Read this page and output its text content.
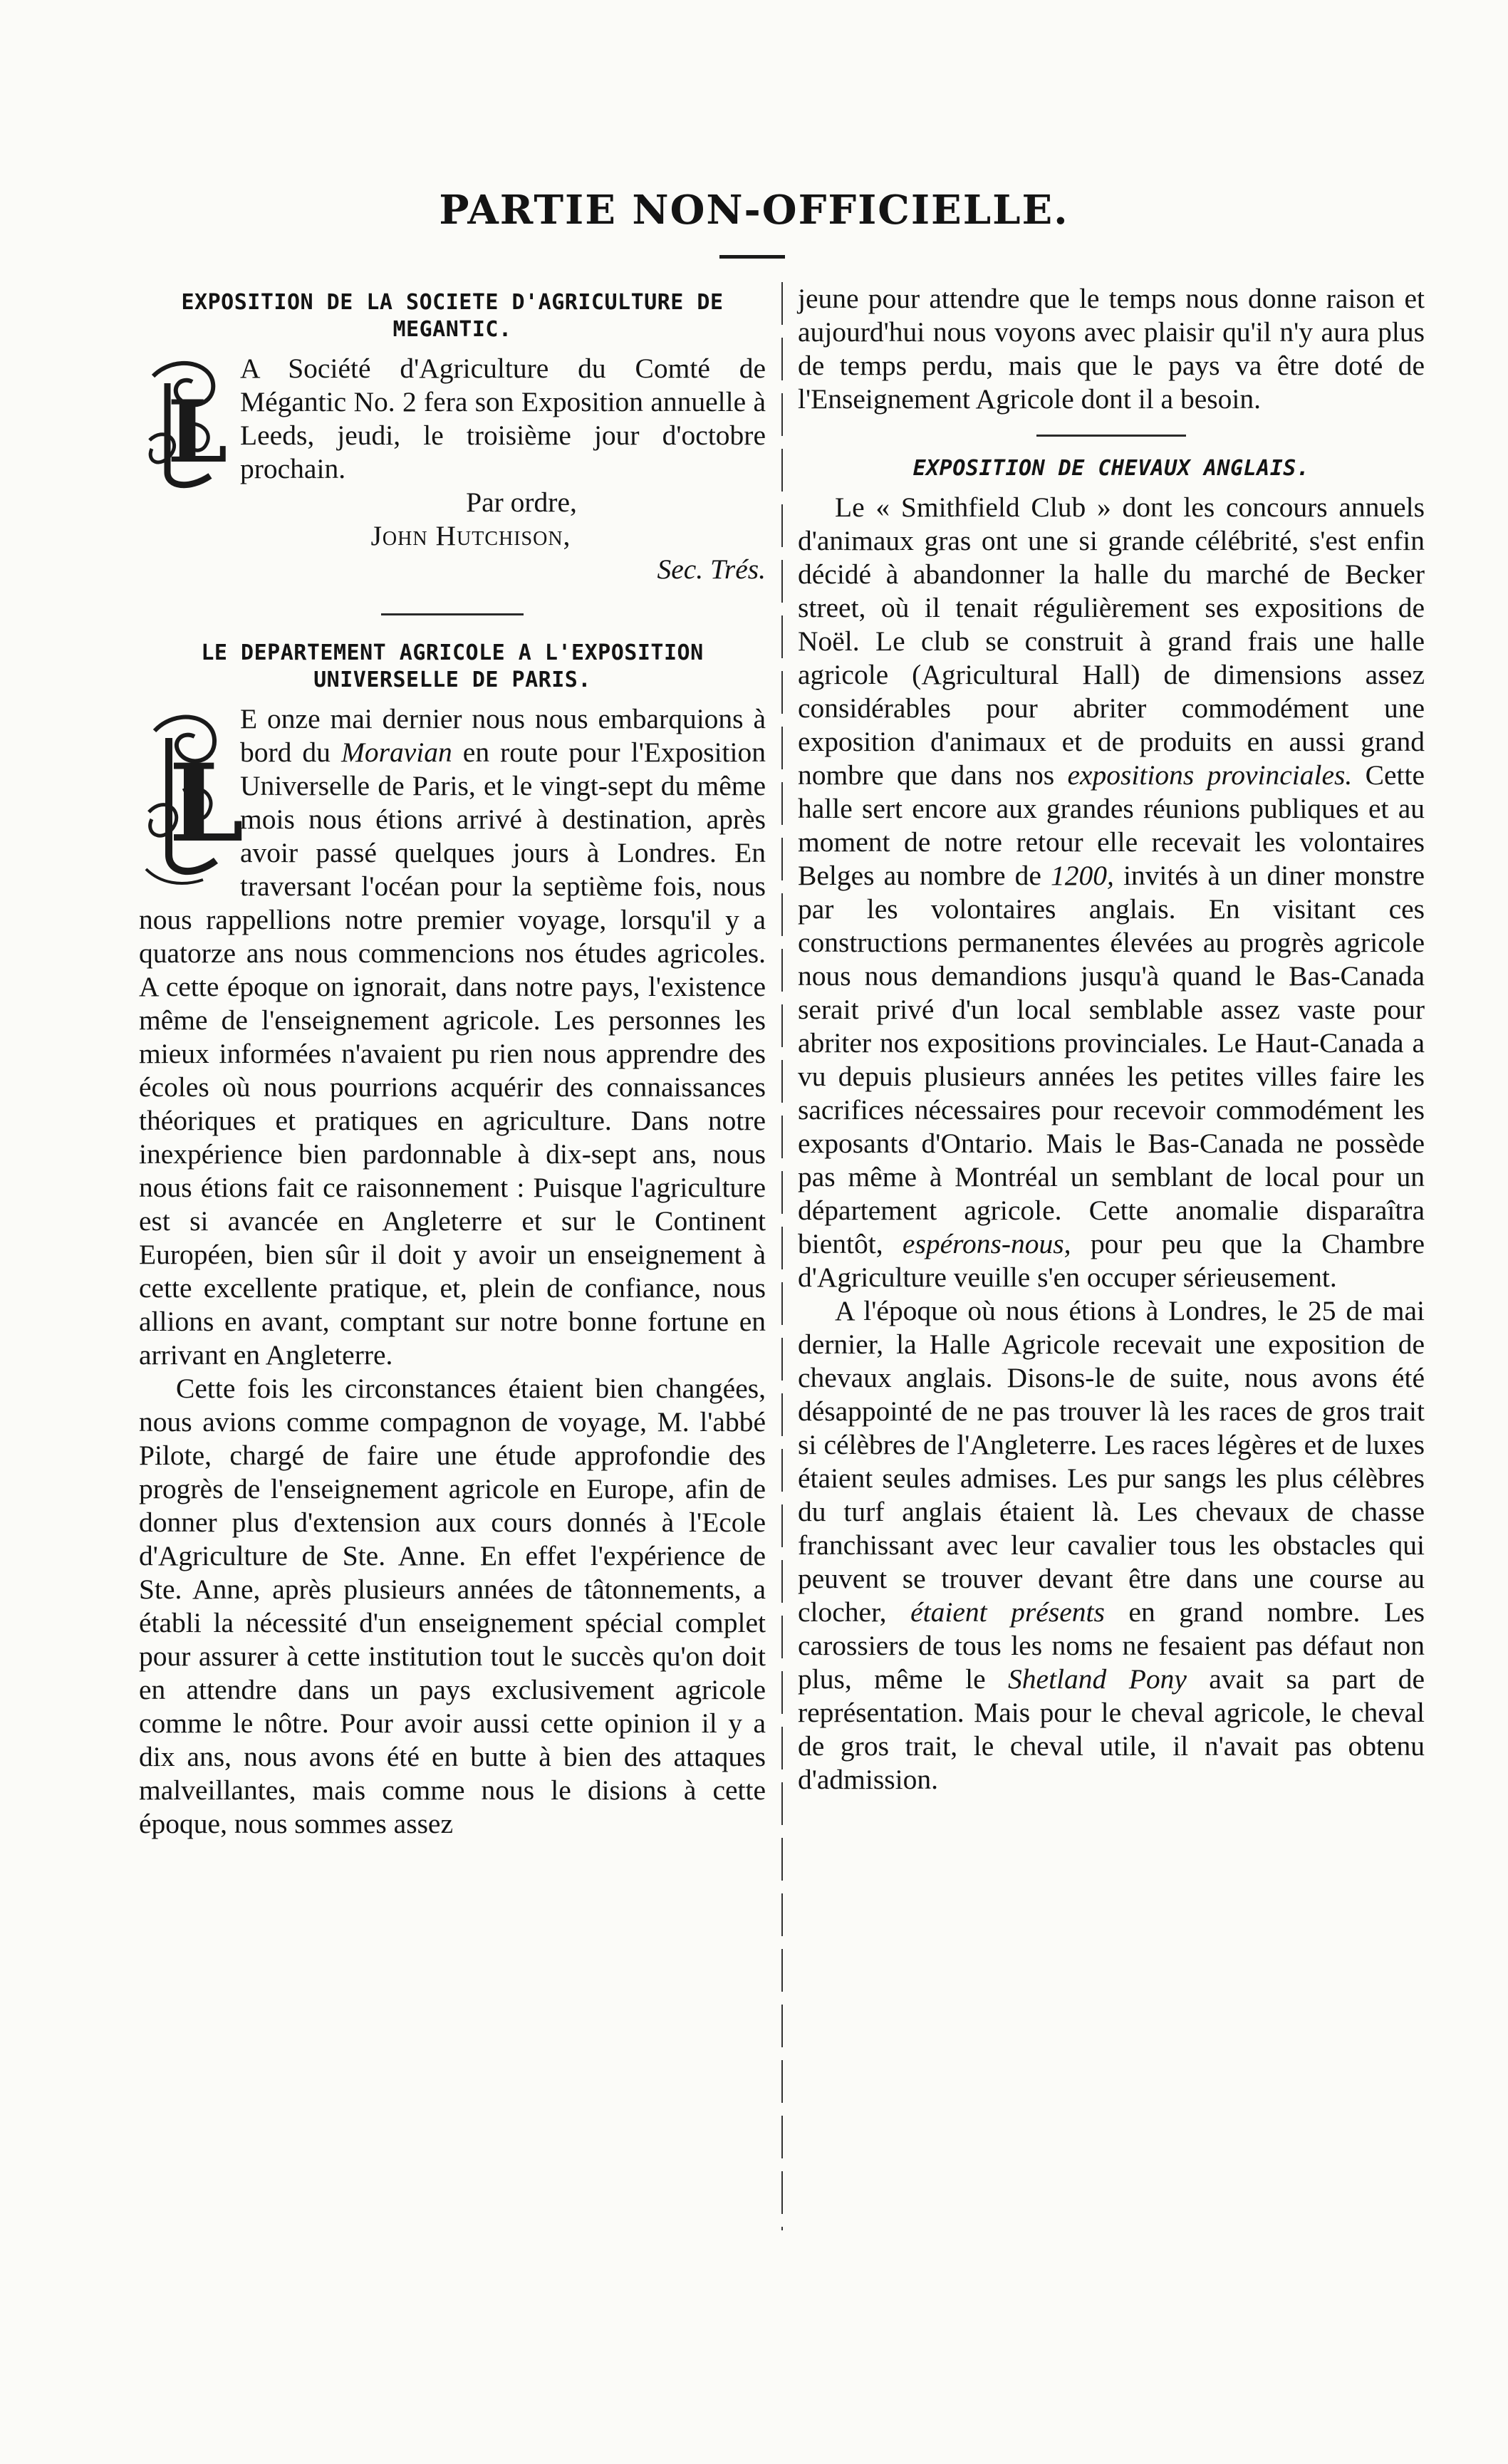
PARTIE NON-OFFICIELLE.
EXPOSITION DE LA SOCIETE D'AGRICULTURE DE MEGANTIC.

L
A Société d'Agriculture du Comté de Mégantic No. 2 fera son Exposition annuelle à Leeds, jeudi, le troisième jour d'octobre prochain.

Par ordre,

John Hutchison,

Sec. Trés.

LE DEPARTEMENT AGRICOLE A L'EXPOSITION UNIVERSELLE DE PARIS.

L
E onze mai dernier nous nous embarquions à bord du Moravian en route pour l'Exposition Universelle de Paris, et le vingt-sept du même mois nous étions arrivé à destination, après avoir passé quelques jours à Londres. En traversant l'océan pour la septième fois, nous nous rappellions notre premier voyage, lorsqu'il y a quatorze ans nous commencions nos études agricoles. A cette époque on ignorait, dans notre pays, l'existence même de l'enseignement agricole. Les personnes les mieux informées n'avaient pu rien nous apprendre des écoles où nous pourrions acquérir des connaissances théoriques et pratiques en agriculture. Dans notre inexpérience bien pardonnable à dix-sept ans, nous nous étions fait ce raisonnement : Puisque l'agriculture est si avancée en Angleterre et sur le Continent Européen, bien sûr il doit y avoir un enseignement à cette excellente pratique, et, plein de confiance, nous allions en avant, comptant sur notre bonne fortune en arrivant en Angleterre.

Cette fois les circonstances étaient bien changées, nous avions comme compagnon de voyage, M. l'abbé Pilote, chargé de faire une étude approfondie des progrès de l'enseignement agricole en Europe, afin de donner plus d'extension aux cours donnés à l'Ecole d'Agriculture de Ste. Anne. En effet l'expérience de Ste. Anne, après plusieurs années de tâtonnements, a établi la nécessité d'un enseignement spécial complet pour assurer à cette institution tout le succès qu'on doit en attendre dans un pays exclusivement agricole comme le nôtre. Pour avoir aussi cette opinion il y a dix ans, nous avons été en butte à bien des attaques malveillantes, mais comme nous le disions à cette époque, nous sommes assez

jeune pour attendre que le temps nous donne raison et aujourd'hui nous voyons avec plaisir qu'il n'y aura plus de temps perdu, mais que le pays va être doté de l'Enseignement Agricole dont il a besoin.

EXPOSITION DE CHEVAUX ANGLAIS.

Le « Smithfield Club » dont les concours annuels d'animaux gras ont une si grande célébrité, s'est enfin décidé à abandonner la halle du marché de Becker street, où il tenait régulièrement ses expositions de Noël. Le club se construit à grand frais une halle agricole (Agricultural Hall) de dimensions assez considérables pour abriter commodément une exposition d'animaux et de produits en aussi grand nombre que dans nos expositions provinciales. Cette halle sert encore aux grandes réunions publiques et au moment de notre retour elle recevait les volontaires Belges au nombre de 1200, invités à un diner monstre par les volontaires anglais. En visitant ces constructions permanentes élevées au progrès agricole nous nous demandions jusqu'à quand le Bas-Canada serait privé d'un local semblable assez vaste pour abriter nos expositions provinciales. Le Haut-Canada a vu depuis plusieurs années les petites villes faire les sacrifices nécessaires pour recevoir commodément les exposants d'Ontario. Mais le Bas-Canada ne possède pas même à Montréal un semblant de local pour un département agricole. Cette anomalie disparaîtra bientôt, espérons-nous, pour peu que la Chambre d'Agriculture veuille s'en occuper sérieusement.

A l'époque où nous étions à Londres, le 25 de mai dernier, la Halle Agricole recevait une exposition de chevaux anglais. Disons-le de suite, nous avons été désappointé de ne pas trouver là les races de gros trait si célèbres de l'Angleterre. Les races légères et de luxes étaient seules admises. Les pur sangs les plus célèbres du turf anglais étaient là. Les chevaux de chasse franchissant avec leur cavalier tous les obstacles qui peuvent se trouver devant être dans une course au clocher, étaient présents en grand nombre. Les carossiers de tous les noms ne fesaient pas défaut non plus, même le Shetland Pony avait sa part de représentation. Mais pour le cheval agricole, le cheval de gros trait, le cheval utile, il n'avait pas obtenu d'admission.
